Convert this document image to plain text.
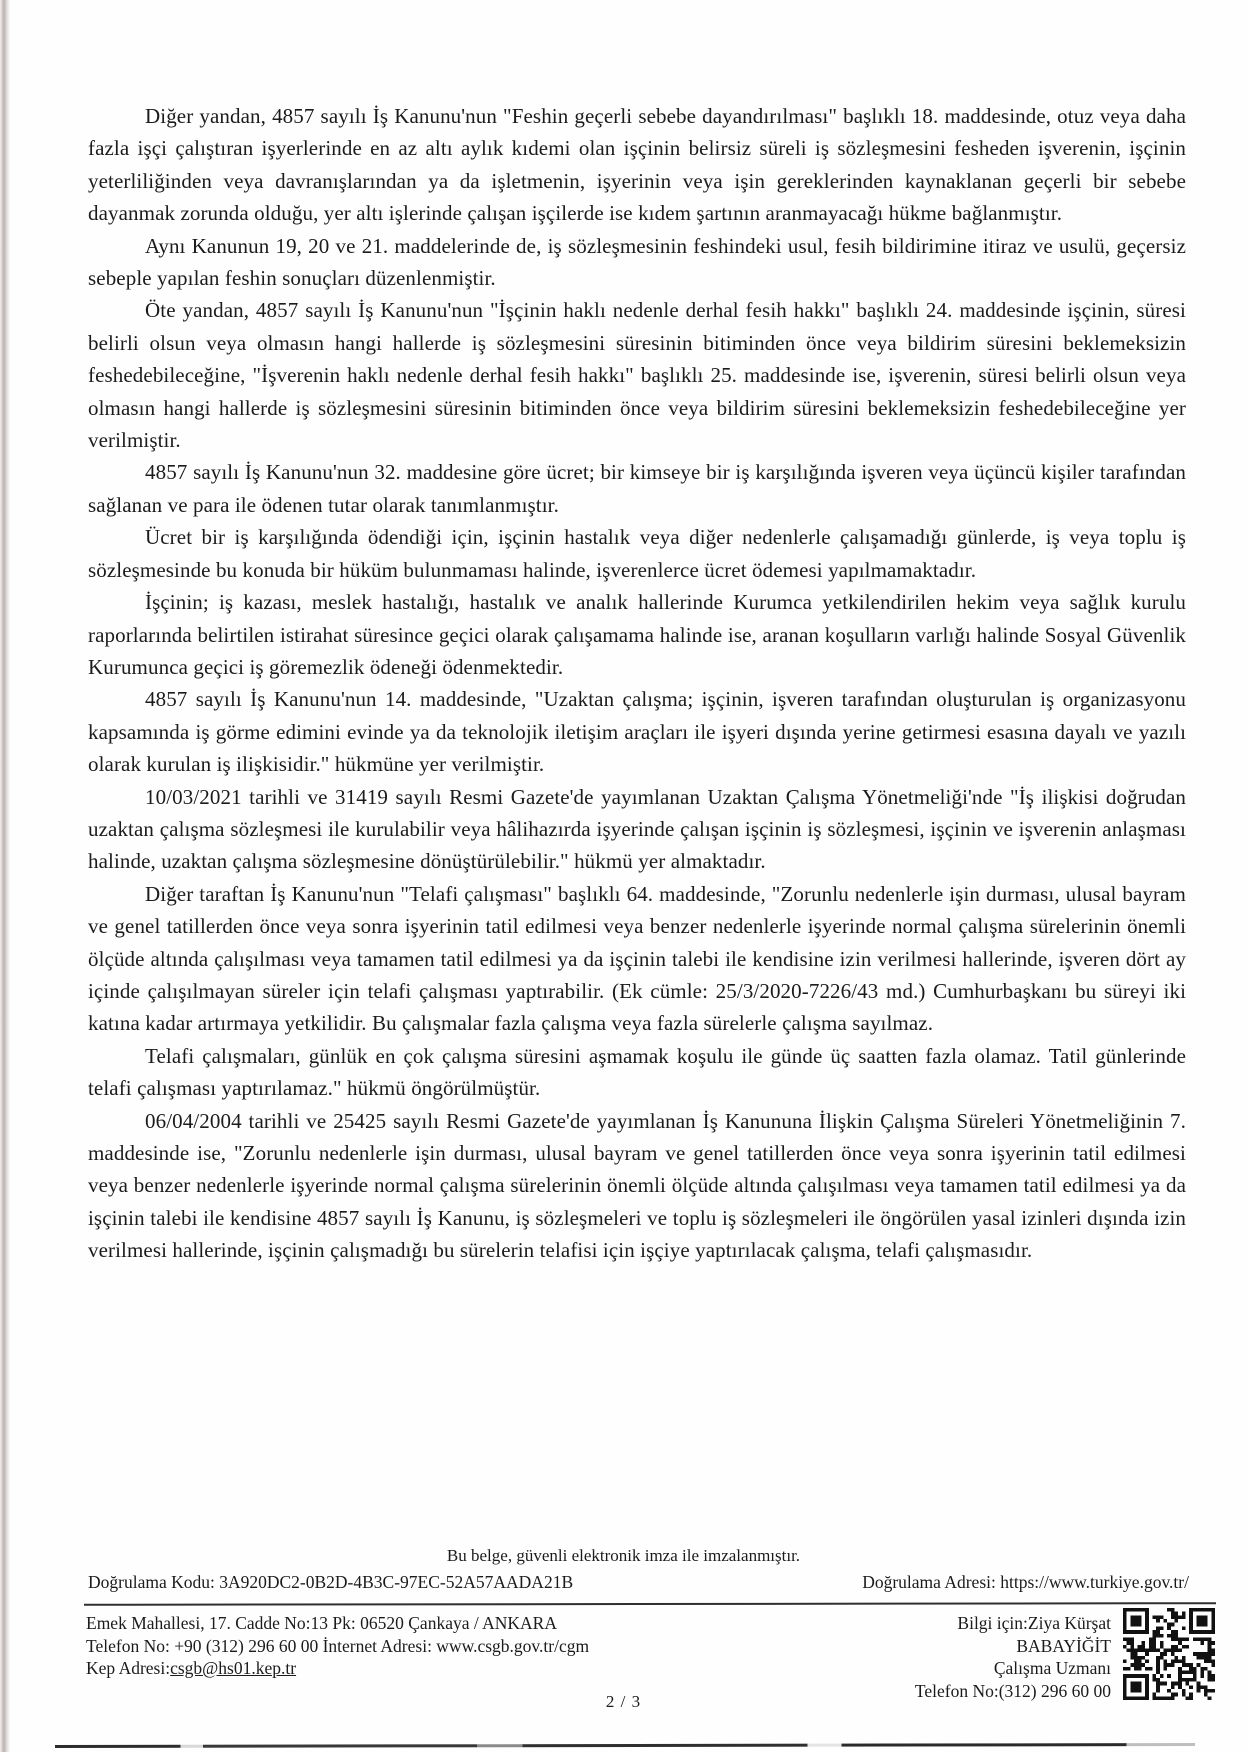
Diğer yandan, 4857 sayılı İş Kanunu'nun "Feshin geçerli sebebe dayandırılması" başlıklı 18. maddesinde, otuz veya daha fazla işçi çalıştıran işyerlerinde en az altı aylık kıdemi olan işçinin belirsiz süreli iş sözleşmesini fesheden işverenin, işçinin yeterliliğinden veya davranışlarından ya da işletmenin, işyerinin veya işin gereklerinden kaynaklanan geçerli bir sebebe dayanmak zorunda olduğu, yer altı işlerinde çalışan işçilerde ise kıdem şartının aranmayacağı hükme bağlanmıştır.

Aynı Kanunun 19, 20 ve 21. maddelerinde de, iş sözleşmesinin feshindeki usul, fesih bildirimine itiraz ve usulü, geçersiz sebeple yapılan feshin sonuçları düzenlenmiştir.

Öte yandan, 4857 sayılı İş Kanunu'nun "İşçinin haklı nedenle derhal fesih hakkı" başlıklı 24. maddesinde işçinin, süresi belirli olsun veya olmasın hangi hallerde iş sözleşmesini süresinin bitiminden önce veya bildirim süresini beklemeksizin feshedebileceğine, "İşverenin haklı nedenle derhal fesih hakkı" başlıklı 25. maddesinde ise, işverenin, süresi belirli olsun veya olmasın hangi hallerde iş sözleşmesini süresinin bitiminden önce veya bildirim süresini beklemeksizin feshedebileceğine yer verilmiştir.

4857 sayılı İş Kanunu'nun 32. maddesine göre ücret; bir kimseye bir iş karşılığında işveren veya üçüncü kişiler tarafından sağlanan ve para ile ödenen tutar olarak tanımlanmıştır.

Ücret bir iş karşılığında ödendiği için, işçinin hastalık veya diğer nedenlerle çalışamadığı günlerde, iş veya toplu iş sözleşmesinde bu konuda bir hüküm bulunmaması halinde, işverenlerce ücret ödemesi yapılmamaktadır.

İşçinin; iş kazası, meslek hastalığı, hastalık ve analık hallerinde Kurumca yetkilendirilen hekim veya sağlık kurulu raporlarında belirtilen istirahat süresince geçici olarak çalışamama halinde ise, aranan koşulların varlığı halinde Sosyal Güvenlik Kurumunca geçici iş göremezlik ödeneği ödenmektedir.

4857 sayılı İş Kanunu'nun 14. maddesinde, "Uzaktan çalışma; işçinin, işveren tarafından oluşturulan iş organizasyonu kapsamında iş görme edimini evinde ya da teknolojik iletişim araçları ile işyeri dışında yerine getirmesi esasına dayalı ve yazılı olarak kurulan iş ilişkisidir." hükmüne yer verilmiştir.

10/03/2021 tarihli ve 31419 sayılı Resmi Gazete'de yayımlanan Uzaktan Çalışma Yönetmeliği'nde "İş ilişkisi doğrudan uzaktan çalışma sözleşmesi ile kurulabilir veya hâlihazırda işyerinde çalışan işçinin iş sözleşmesi, işçinin ve işverenin anlaşması halinde, uzaktan çalışma sözleşmesine dönüştürülebilir." hükmü yer almaktadır.

Diğer taraftan İş Kanunu'nun "Telafi çalışması" başlıklı 64. maddesinde, "Zorunlu nedenlerle işin durması, ulusal bayram ve genel tatillerden önce veya sonra işyerinin tatil edilmesi veya benzer nedenlerle işyerinde normal çalışma sürelerinin önemli ölçüde altında çalışılması veya tamamen tatil edilmesi ya da işçinin talebi ile kendisine izin verilmesi hallerinde, işveren dört ay içinde çalışılmayan süreler için telafi çalışması yaptırabilir. (Ek cümle: 25/3/2020-7226/43 md.) Cumhurbaşkanı bu süreyi iki katına kadar artırmaya yetkilidir. Bu çalışmalar fazla çalışma veya fazla sürelerle çalışma sayılmaz.

Telafi çalışmaları, günlük en çok çalışma süresini aşmamak koşulu ile günde üç saatten fazla olamaz. Tatil günlerinde telafi çalışması yaptırılamaz." hükmü öngörülmüştür.

06/04/2004 tarihli ve 25425 sayılı Resmi Gazete'de yayımlanan İş Kanununa İlişkin Çalışma Süreleri Yönetmeliğinin 7. maddesinde ise, "Zorunlu nedenlerle işin durması, ulusal bayram ve genel tatillerden önce veya sonra işyerinin tatil edilmesi veya benzer nedenlerle işyerinde normal çalışma sürelerinin önemli ölçüde altında çalışılması veya tamamen tatil edilmesi ya da işçinin talebi ile kendisine 4857 sayılı İş Kanunu, iş sözleşmeleri ve toplu iş sözleşmeleri ile öngörülen yasal izinleri dışında izin verilmesi hallerinde, işçinin çalışmadığı bu sürelerin telafisi için işçiye yaptırılacak çalışma, telafi çalışmasıdır.

Bu belge, güvenli elektronik imza ile imzalanmıştır.
Doğrulama Kodu: 3A920DC2-0B2D-4B3C-97EC-52A57AADA21B	Doğrulama Adresi: https://www.turkiye.gov.tr/
Emek Mahallesi, 17. Cadde No:13 Pk: 06520 Çankaya / ANKARA
Telefon No: +90 (312) 296 60 00 İnternet Adresi: www.csgb.gov.tr/cgm
Kep Adresi:csgb@hs01.kep.tr
Bilgi için:Ziya Kürşat
BABAYİĞİT
Çalışma Uzmanı
Telefon No:(312) 296 60 00
2 / 3
